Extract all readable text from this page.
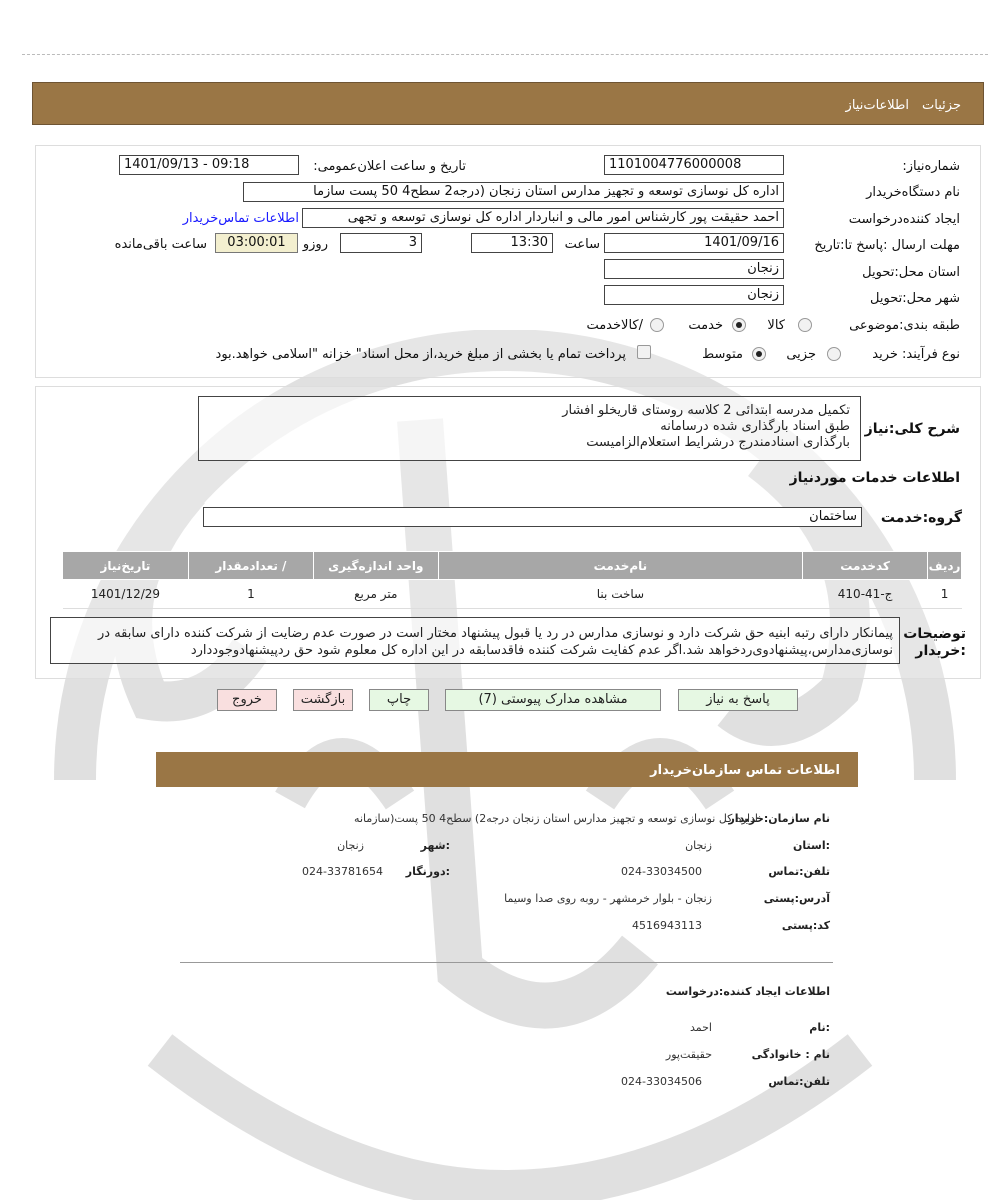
جزئیات
اطلاعات‌نیاز
شماره‌نیاز:
1101004776000008
تاریخ و ساعت اعلان‌عمومی:
1401/09/13 - 09:18
نام دستگاه‌خریدار
اداره کل نوسازی توسعه و تجهیز مدارس استان زنجان (درجه2 سطح4 50 پست سازما
ایجاد کننده‌درخواست
احمد حقیقت پور کارشناس امور مالی و انباردار اداره کل نوسازی توسعه و تجهی
اطلاعات تماس‌خریدار
مهلت ارسال :پاسخ تا:تاریخ
1401/09/16
ساعت
13:30
3
روزو
03:00:01
ساعت باقی‌مانده
استان محل:تحویل
زنجان
شهر محل:تحویل
زنجان
طبقه بندی:موضوعی
کالا
خدمت
/کالاخدمت
نوع فرآیند: خرید
جزیی
متوسط
پرداخت تمام یا بخشی از مبلغ خرید،از محل اسناد" خزانه "اسلامی خواهد.بود
شرح کلی:نیاز
تکمیل مدرسه ابتدائی 2 کلاسه روستای قاریخلو افشار
طبق اسناد بارگذاری شده درسامانه
بارگذاری اسنادمندرج درشرایط استعلام‌الزامیست
اطلاعات خدمات موردنیاز
گروه:خدمت
ساختمان
ردیف	کدخدمت	نام‌خدمت	واحد اندازه‌گیری	/ تعدادمقدار	تاریخ‌نیاز
1	ج-41-410	ساخت بنا	متر مربع	1	1401/12/29
توضیحات :خریدار
پیمانکار دارای رتبه ابنیه حق شرکت دارد و نوسازی مدارس در رد یا قبول پیشنهاد مختار است در صورت عدم رضایت از شرکت کننده دارای سابقه در نوسازی‌مدارس،پیشنهادوی‌ردخواهد شد.اگر عدم کفایت شرکت کننده فاقدسابقه در این اداره کل معلوم شود حق ردپیشنهادوجوددارد
پاسخ به نیاز
مشاهده مدارک پیوستی (7)
چاپ
بازگشت
خروج
اطلاعات تماس سازمان‌خریدار
نام سازمان:خریدار
اداره کل نوسازی توسعه و تجهیز مدارس استان زنجان درجه2) سطح4 50 پست(سازمانه
:استان
زنجان
:شهر
زنجان
تلفن:تماس
024-33034500
:دورنگار
024-33781654
آدرس:پستی
زنجان - بلوار خرمشهر - روبه روی صدا وسیما
کد:پستی
4516943113
اطلاعات ایجاد کننده:درخواست
:نام
احمد
نام : خانوادگی
حقیقت‌پور
تلفن:تماس
024-33034506
